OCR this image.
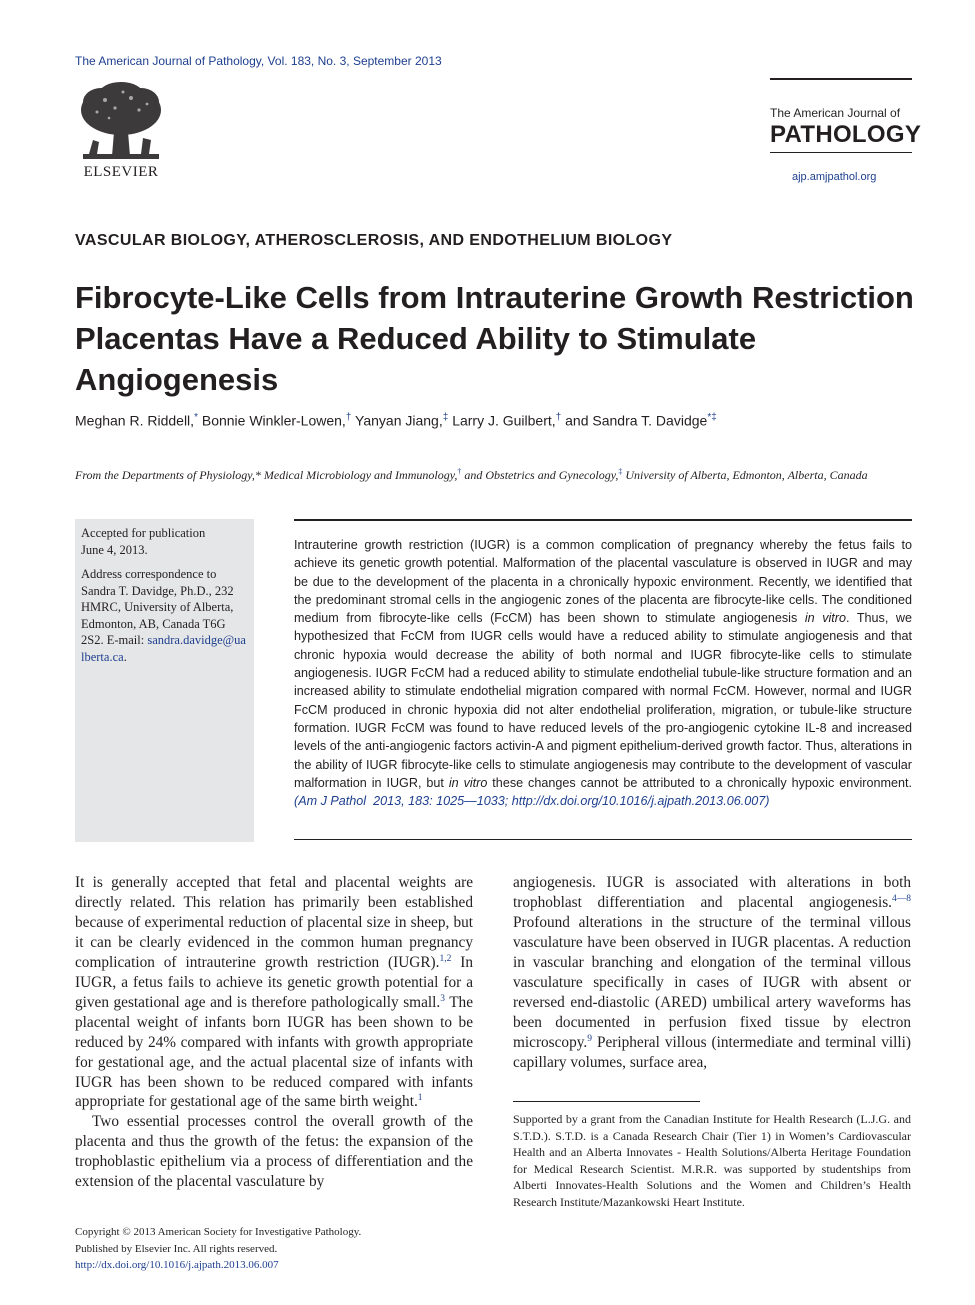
The American Journal of Pathology, Vol. 183, No. 3, September 2013
ELSEVIER
The American Journal of
PATHOLOGY
ajp.amjpathol.org
VASCULAR BIOLOGY, ATHEROSCLEROSIS, AND ENDOTHELIUM BIOLOGY
Fibrocyte-Like Cells from Intrauterine Growth Restriction Placentas Have a Reduced Ability to Stimulate Angiogenesis
Meghan R. Riddell,* Bonnie Winkler-Lowen,† Yanyan Jiang,‡ Larry J. Guilbert,† and Sandra T. Davidge*‡
From the Departments of Physiology,* Medical Microbiology and Immunology,† and Obstetrics and Gynecology,‡ University of Alberta, Edmonton, Alberta, Canada

Accepted for publication
June 4, 2013.

Address correspondence to Sandra T. Davidge, Ph.D., 232 HMRC, University of Alberta, Edmonton, AB, Canada T6G 2S2. E-mail: sandra.davidge@ualberta.ca.

Intrauterine growth restriction (IUGR) is a common complication of pregnancy whereby the fetus fails to achieve its genetic growth potential. Malformation of the placental vasculature is observed in IUGR and may be due to the development of the placenta in a chronically hypoxic environment. Recently, we identified that the predominant stromal cells in the angiogenic zones of the placenta are fibrocyte-like cells. The conditioned medium from fibrocyte-like cells (FcCM) has been shown to stimulate angiogenesis in vitro. Thus, we hypothesized that FcCM from IUGR cells would have a reduced ability to stimulate angiogenesis and that chronic hypoxia would decrease the ability of both normal and IUGR fibrocyte-like cells to stimulate angiogenesis. IUGR FcCM had a reduced ability to stimulate endothelial tubule-like structure formation and an increased ability to stimulate endothelial migration compared with normal FcCM. However, normal and IUGR FcCM produced in chronic hypoxia did not alter endothelial proliferation, migration, or tubule-like structure formation. IUGR FcCM was found to have reduced levels of the pro-angiogenic cytokine IL-8 and increased levels of the anti-angiogenic factors activin-A and pigment epithelium-derived growth factor. Thus, alterations in the ability of IUGR fibrocyte-like cells to stimulate angiogenesis may contribute to the development of vascular malformation in IUGR, but in vitro these changes cannot be attributed to a chronically hypoxic environment. (Am J Pathol  2013, 183: 1025—1033; http://dx.doi.org/10.1016/j.ajpath.2013.06.007)

It is generally accepted that fetal and placental weights are directly related. This relation has primarily been established because of experimental reduction of placental size in sheep, but it can be clearly evidenced in the common human pregnancy complication of intrauterine growth restriction (IUGR).$^{1,2}$ In IUGR, a fetus fails to achieve its genetic growth potential for a given gestational age and is therefore pathologically small.$^3$ The placental weight of infants born IUGR has been shown to be reduced by 24% compared with infants with growth appropriate for gestational age, and the actual placental size of infants with IUGR has been shown to be reduced compared with infants appropriate for gestational age of the same birth weight.$^1$

Two essential processes control the overall growth of the placenta and thus the growth of the fetus: the expansion of the trophoblastic epithelium via a process of differentiation and the extension of the placental vasculature by

angiogenesis. IUGR is associated with alterations in both trophoblast differentiation and placental angiogenesis.$^{4—8}$ Profound alterations in the structure of the terminal villous vasculature have been observed in IUGR placentas. A reduction in vascular branching and elongation of the terminal villous vasculature specifically in cases of IUGR with absent or reversed end-diastolic (ARED) umbilical artery waveforms has been documented in perfusion fixed tissue by electron microscopy.$^9$ Peripheral villous (intermediate and terminal villi) capillary volumes, surface area,

Supported by a grant from the Canadian Institute for Health Research (L.J.G. and S.T.D.). S.T.D. is a Canada Research Chair (Tier 1) in Women’s Cardiovascular Health and an Alberta Innovates - Health Solutions/Alberta Heritage Foundation for Medical Research Scientist. M.R.R. was supported by studentships from Alberti Innovates-Health Solutions and the Women and Children’s Health Research Institute/Mazankowski Heart Institute.

Copyright © 2013 American Society for Investigative Pathology.
Published by Elsevier Inc. All rights reserved.
http://dx.doi.org/10.1016/j.ajpath.2013.06.007
